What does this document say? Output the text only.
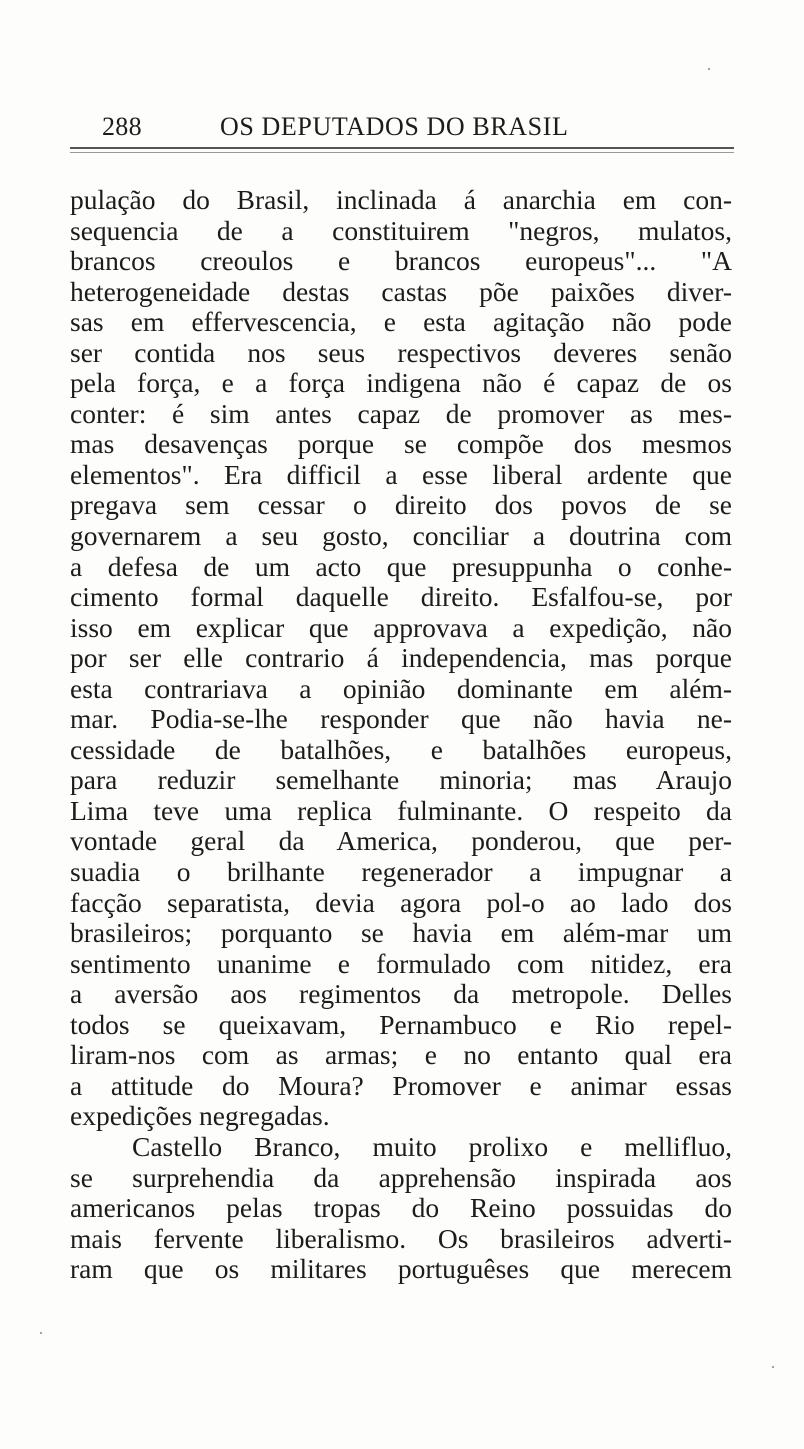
288	OS DEPUTADOS DO BRASIL
pulação do Brasil, inclinada á anarchia em con-
sequencia de a constituirem "negros, mulatos,
brancos creoulos e brancos europeus"... "A
heterogeneidade destas castas põe paixões diver-
sas em effervescencia, e esta agitação não pode
ser contida nos seus respectivos deveres senão
pela força, e a força indigena não é capaz de os
conter: é sim antes capaz de promover as mes-
mas desavenças porque se compõe dos mesmos
elementos". Era difficil a esse liberal ardente que
pregava sem cessar o direito dos povos de se
governarem a seu gosto, conciliar a doutrina com
a defesa de um acto que presuppunha o conhe-
cimento formal daquelle direito. Esfalfou-se, por
isso em explicar que approvava a expedição, não
por ser elle contrario á independencia, mas porque
esta contrariava a opinião dominante em além-
mar. Podia-se-lhe responder que não havia ne-
cessidade de batalhões, e batalhões europeus,
para reduzir semelhante minoria; mas Araujo
Lima teve uma replica fulminante. O respeito da
vontade geral da America, ponderou, que per-
suadia o brilhante regenerador a impugnar a
facção separatista, devia agora pol-o ao lado dos
brasileiros; porquanto se havia em além-mar um
sentimento unanime e formulado com nitidez, era
a aversão aos regimentos da metropole. Delles
todos se queixavam, Pernambuco e Rio repel-
liram-nos com as armas; e no entanto qual era
a attitude do Moura? Promover e animar essas
expedições negregadas.
Castello Branco, muito prolixo e mellifluo,
se surprehendia da apprehensão inspirada aos
americanos pelas tropas do Reino possuidas do
mais fervente liberalismo. Os brasileiros adverti-
ram que os militares portuguêses que merecem
